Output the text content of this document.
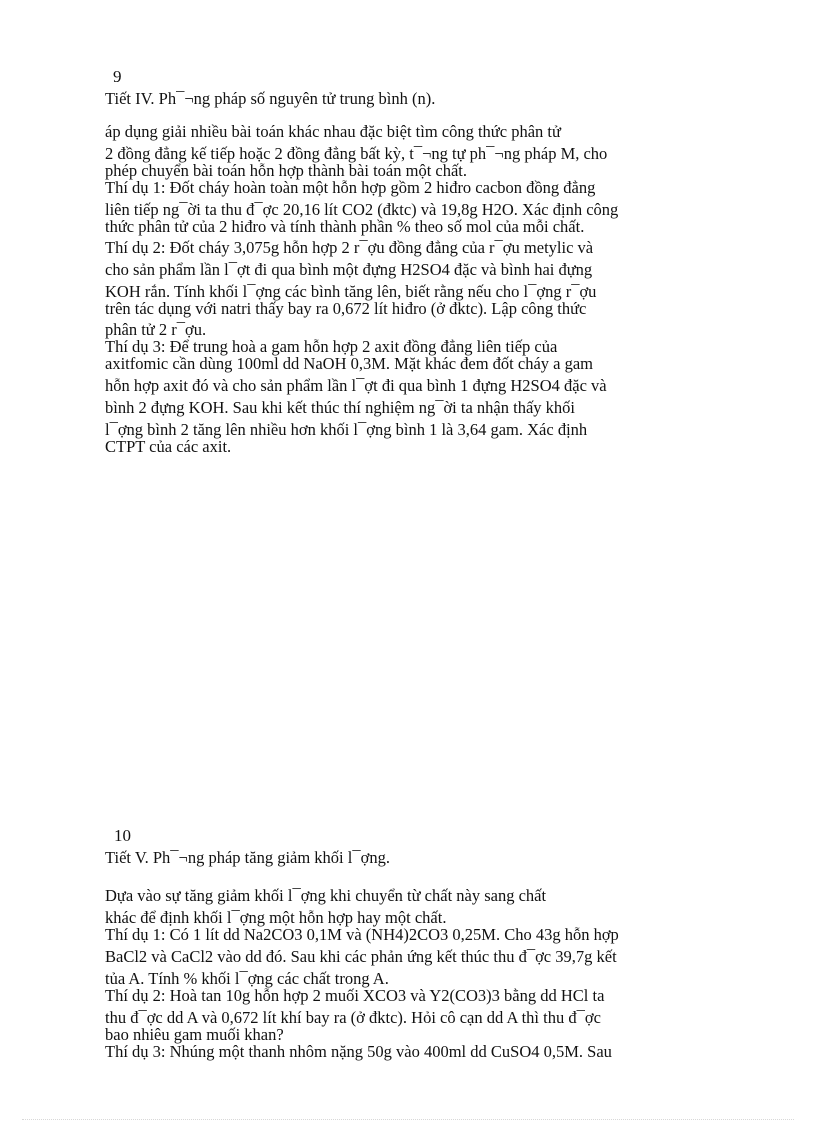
9
Tiết IV. Ph¯¬ng pháp số nguyên tử trung bình (n).
áp dụng giải nhiều bài toán khác nhau đặc biệt tìm công thức phân tử
2 đồng đẳng kế tiếp hoặc 2 đồng đẳng bất kỳ, t¯¬ng tự ph¯¬ng pháp M, cho
phép chuyển bài toán hỗn hợp thành bài toán một chất.
Thí dụ 1: Đốt cháy hoàn toàn một hỗn hợp gồm 2 hiđro cacbon đồng đẳng
liên tiếp ng¯ời ta thu đ¯ợc 20,16 lít CO2 (đktc) và 19,8g H2O. Xác định công
thức phân tử của 2 hiđro và tính thành phần % theo số mol của mỗi chất.
Thí dụ 2: Đốt cháy 3,075g hỗn hợp 2 r¯ợu đồng đẳng của r¯ợu metylic và
cho sản phẩm lần l¯ợt đi qua bình một đựng H2SO4 đặc và bình hai đựng
KOH rắn. Tính khối l¯ợng các bình tăng lên, biết rằng nếu cho l¯ợng r¯ợu
trên tác dụng với natri thấy bay ra 0,672 lít hiđro (ở đktc). Lập công thức
phân tử 2 r¯ợu.
Thí dụ 3: Để trung hoà a gam hỗn hợp 2 axit đồng đẳng liên tiếp của
axitfomic cần dùng 100ml dd NaOH 0,3M. Mặt khác đem đốt cháy a gam
hỗn hợp axit đó và cho sản phẩm lần l¯ợt đi qua bình 1 đựng H2SO4 đặc và
bình 2 đựng KOH. Sau khi kết thúc thí nghiệm ng¯ời ta nhận thấy khối
l¯ợng bình 2 tăng lên nhiều hơn khối l¯ợng bình 1 là 3,64 gam. Xác định
CTPT của các axit.
10
Tiết V. Ph¯¬ng pháp tăng giảm khối l¯ợng.
Dựa vào sự tăng giảm khối l¯ợng khi chuyển từ chất này sang chất
khác để định khối l¯ợng một hỗn hợp hay một chất.
Thí dụ 1: Có 1 lít dd Na2CO3 0,1M và (NH4)2CO3 0,25M. Cho 43g hỗn hợp
BaCl2 và CaCl2 vào dd đó. Sau khi các phản ứng kết thúc thu đ¯ợc 39,7g kết
tủa A. Tính % khối l¯ợng các chất trong A.
Thí dụ 2: Hoà tan 10g hỗn hợp 2 muối XCO3 và Y2(CO3)3 bằng dd HCl ta
thu đ¯ợc dd A và 0,672 lít khí bay ra (ở đktc). Hỏi cô cạn dd A thì thu đ¯ợc
bao nhiêu gam muối khan?
Thí dụ 3: Nhúng một thanh nhôm nặng 50g vào 400ml dd CuSO4 0,5M. Sau
